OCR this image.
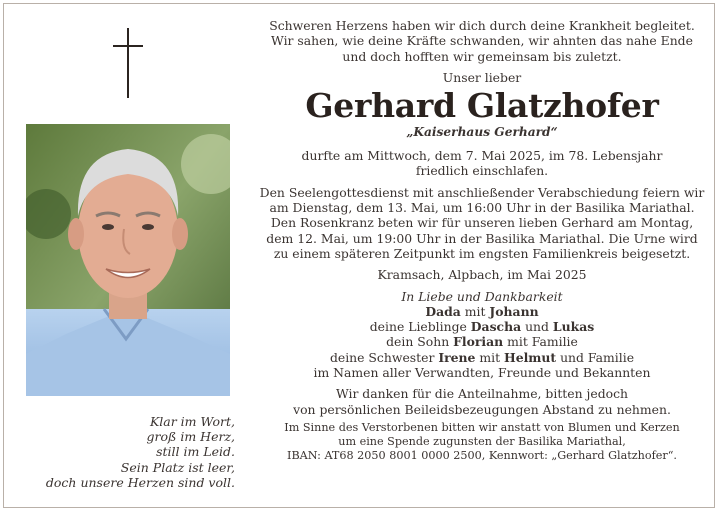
Klar im Wort,
groß im Herz,
still im Leid.
Sein Platz ist leer,
doch unsere Herzen sind voll.
Schweren Herzens haben wir dich durch deine Krankheit begleitet.
Wir sahen, wie deine Kräfte schwanden, wir ahnten das nahe Ende
und doch hofften wir gemeinsam bis zuletzt.
Unser lieber
Gerhard Glatzhofer
„Kaiserhaus Gerhard“
durfte am Mittwoch, dem 7. Mai 2025, im 78. Lebensjahr
friedlich einschlafen.
Den Seelengottesdienst mit anschließender Verabschiedung feiern wir
am Dienstag, dem 13. Mai, um 16:00 Uhr in der Basilika Mariathal.
Den Rosenkranz beten wir für unseren lieben Gerhard am Montag,
dem 12. Mai, um 19:00 Uhr in der Basilika Mariathal. Die Urne wird
zu einem späteren Zeitpunkt im engsten Familienkreis beigesetzt.
Kramsach, Alpbach, im Mai 2025
In Liebe und Dankbarkeit
Dada mit Johann
deine Lieblinge Dascha und Lukas
dein Sohn Florian mit Familie
deine Schwester Irene mit Helmut und Familie
im Namen aller Verwandten, Freunde und Bekannten
Wir danken für die Anteilnahme, bitten jedoch
von persönlichen Beileidsbezeugungen Abstand zu nehmen.
Im Sinne des Verstorbenen bitten wir anstatt von Blumen und Kerzen
um eine Spende zugunsten der Basilika Mariathal,
IBAN: AT68 2050 8001 0000 2500, Kennwort: „Gerhard Glatzhofer“.
